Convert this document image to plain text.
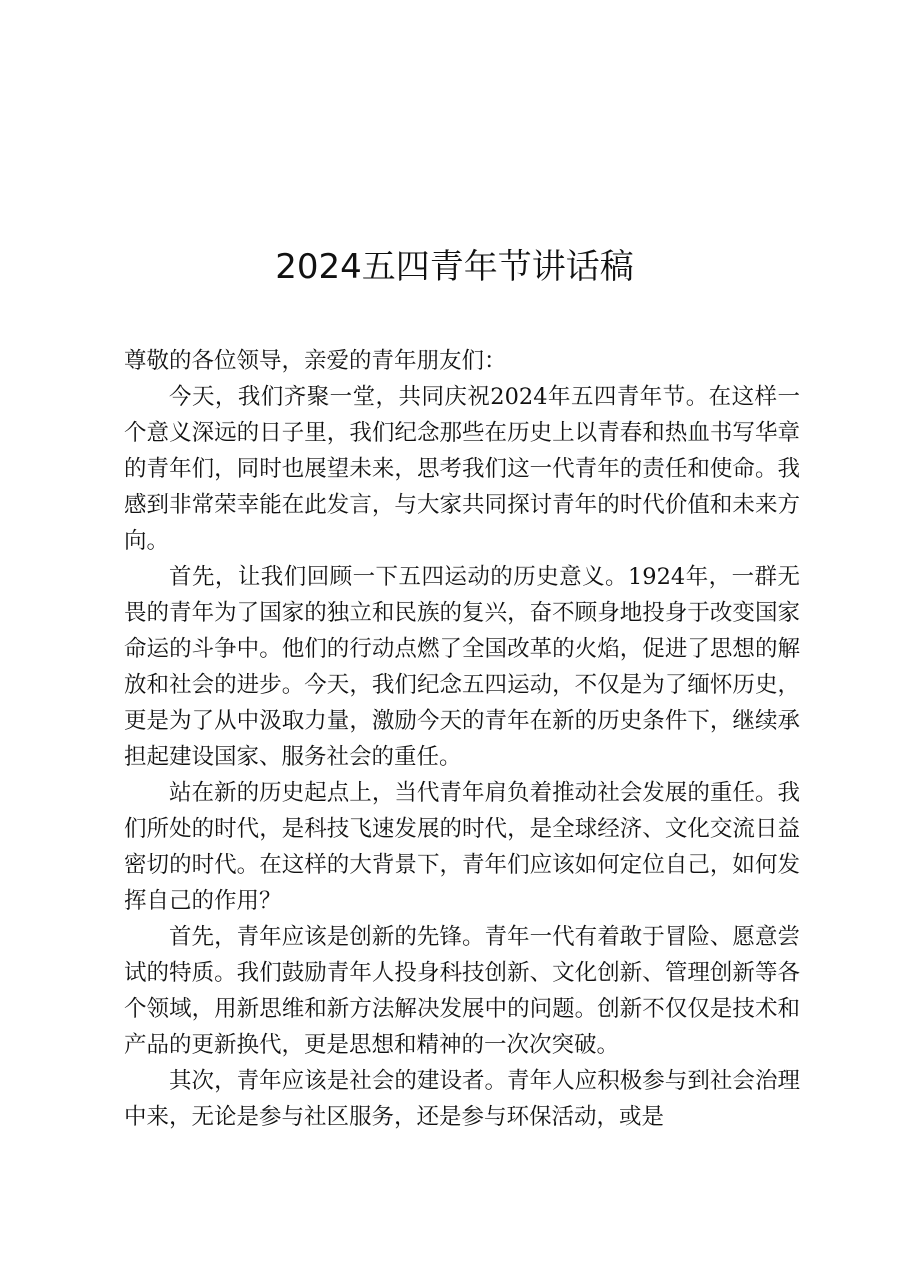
2024五四青年节讲话稿

尊敬的各位领导，亲爱的青年朋友们：

今天，我们齐聚一堂，共同庆祝2024年五四青年节。在这样一个意义深远的日子里，我们纪念那些在历史上以青春和热血书写华章的青年们，同时也展望未来，思考我们这一代青年的责任和使命。我感到非常荣幸能在此发言，与大家共同探讨青年的时代价值和未来方向。

首先，让我们回顾一下五四运动的历史意义。1924年，一群无畏的青年为了国家的独立和民族的复兴，奋不顾身地投身于改变国家命运的斗争中。他们的行动点燃了全国改革的火焰，促进了思想的解放和社会的进步。今天，我们纪念五四运动，不仅是为了缅怀历史，更是为了从中汲取力量，激励今天的青年在新的历史条件下，继续承担起建设国家、服务社会的重任。

站在新的历史起点上，当代青年肩负着推动社会发展的重任。我们所处的时代，是科技飞速发展的时代，是全球经济、文化交流日益密切的时代。在这样的大背景下，青年们应该如何定位自己，如何发挥自己的作用？

首先，青年应该是创新的先锋。青年一代有着敢于冒险、愿意尝试的特质。我们鼓励青年人投身科技创新、文化创新、管理创新等各个领域，用新思维和新方法解决发展中的问题。创新不仅仅是技术和产品的更新换代，更是思想和精神的一次次突破。

其次，青年应该是社会的建设者。青年人应积极参与到社会治理中来，无论是参与社区服务，还是参与环保活动，或是
